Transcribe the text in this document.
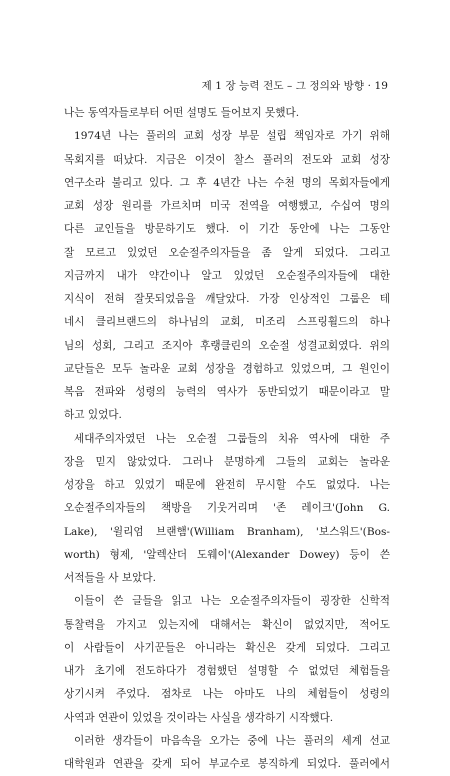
제 1 장 능력 전도 – 그 정의와 방향 · 19
나는 동역자들로부터 어떤 설명도 들어보지 못했다.
1974년 나는 풀러의 교회 성장 부문 설립 책임자로 가기 위해
목회지를 떠났다. 지금은 이것이 찰스 풀러의 전도와 교회 성장
연구소라 불리고 있다. 그 후 4년간 나는 수천 명의 목회자들에게
교회 성장 원리를 가르치며 미국 전역을 여행했고, 수십여 명의
다른 교인들을 방문하기도 했다. 이 기간 동안에 나는 그동안
잘 모르고 있었던 오순절주의자들을 좀 알게 되었다. 그리고
지금까지 내가 약간이나 알고 있었던 오순절주의자들에 대한
지식이 전혀 잘못되었음을 깨달았다. 가장 인상적인 그룹은 테
네시 클리브랜드의 하나님의 교회, 미조리 스프링휠드의 하나
님의 성회, 그리고 조지아 후랭클린의 오순절 성결교회였다. 위의
교단들은 모두 놀라운 교회 성장을 경험하고 있었으며, 그 원인이
복음 전파와 성령의 능력의 역사가 동반되었기 때문이라고 말
하고 있었다.
세대주의자였던 나는 오순절 그룹들의 치유 역사에 대한 주
장을 믿지 않았었다. 그러나 분명하게 그들의 교회는 놀라운
성장을 하고 있었기 때문에 완전히 무시할 수도 없었다. 나는
오순절주의자들의 책방을 기웃거리며 '존 레이크'(John G.
Lake), '윌리엄 브랜햄'(William Branham), '보스워드'(Bos-
worth) 형제, '알렉산더 도웨이'(Alexander Dowey) 등이 쓴
서적들을 사 보았다.
이들이 쓴 글들을 읽고 나는 오순절주의자들이 굉장한 신학적
통찰력을 가지고 있는지에 대해서는 확신이 없었지만, 적어도
이 사람들이 사기꾼들은 아니라는 확신은 갖게 되었다. 그리고
내가 초기에 전도하다가 경험했던 설명할 수 없었던 체험들을
상기시켜 주었다. 점차로 나는 아마도 나의 체험들이 성령의
사역과 연관이 있었을 것이라는 사실을 생각하기 시작했다.
이러한 생각들이 마음속을 오가는 중에 나는 풀러의 세계 선교
대학원과 연관을 갖게 되어 부교수로 봉직하게 되었다. 풀러에서
